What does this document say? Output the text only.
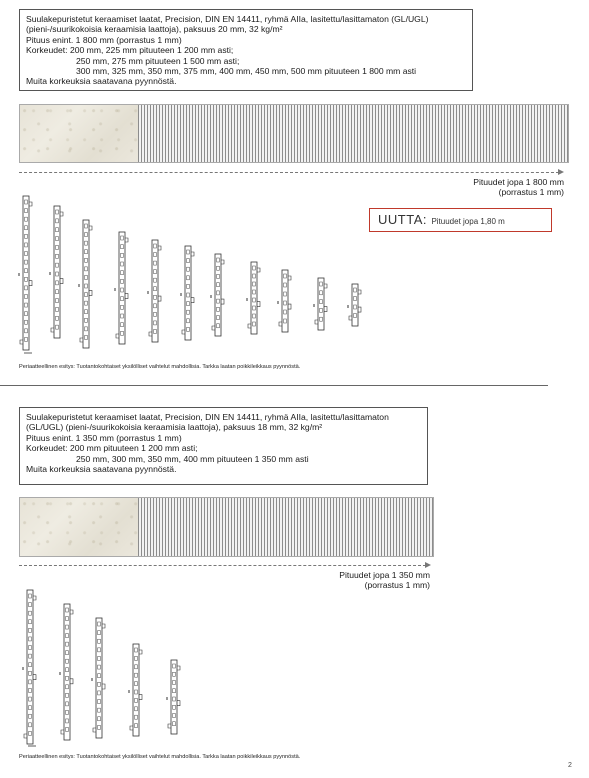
Suulakepuristetut keraamiset laatat, Precision, DIN EN 14411, ryhmä AIIa, lasitettu/lasittamaton (GL/UGL)
(pieni-/suurikokoisia keraamisia laattoja), paksuus 20 mm, 32 kg/m²
Pituus enint. 1 800 mm (porrastus 1 mm)
Korkeudet: 200 mm, 225 mm pituuteen 1 200 mm asti;
250 mm, 275 mm pituuteen 1 500 mm asti;
300 mm, 325 mm, 350 mm, 375 mm, 400 mm, 450 mm, 500 mm pituuteen 1 800 mm asti
Muita korkeuksia saatavana pyynnöstä.
Pituudet jopa 1 800 mm
(porrastus 1 mm)
UUTTA: Pituudet jopa 1,80 m
Periaatteellinen esitys: Tuotantokohtaiset yksilölliset vaihtelut mahdollisia. Tarkka laatan poikkileikkaus pyynnöstä.
Suulakepuristetut keraamiset laatat, Precision, DIN EN 14411, ryhmä AIIa, lasitettu/lasittamaton
(GL/UGL) (pieni-/suurikokoisia keraamisia laattoja), paksuus 18 mm, 32 kg/m²
Pituus enint. 1 350 mm (porrastus 1 mm)
Korkeudet: 200 mm pituuteen 1 200 mm asti;
250 mm, 300 mm, 350 mm, 400 mm pituuteen 1 350 mm asti
Muita korkeuksia saatavana pyynnöstä.
Pituudet jopa 1 350 mm
(porrastus 1 mm)
Periaatteellinen esitys: Tuotantokohtaiset yksilölliset vaihtelut mahdollisia. Tarkka laatan poikkileikkaus pyynnöstä.
2
